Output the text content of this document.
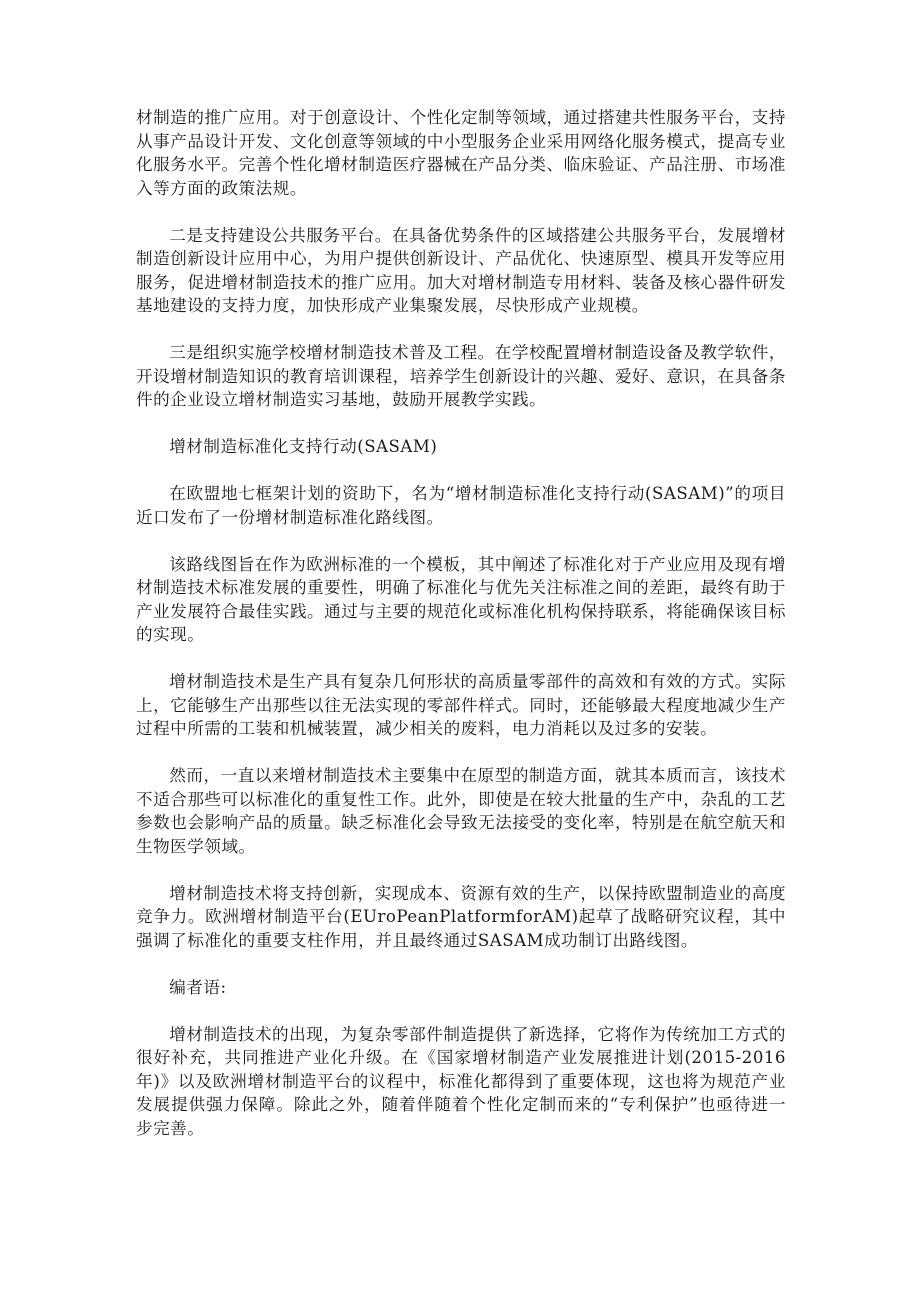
材制造的推广应用。对于创意设计、个性化定制等领域，通过搭建共性服务平台，支持从事产品设计开发、文化创意等领域的中小型服务企业采用网络化服务模式，提高专业化服务水平。完善个性化增材制造医疗器械在产品分类、临床验证、产品注册、市场准入等方面的政策法规。

二是支持建设公共服务平台。在具备优势条件的区域搭建公共服务平台，发展增材制造创新设计应用中心，为用户提供创新设计、产品优化、快速原型、模具开发等应用服务，促进增材制造技术的推广应用。加大对增材制造专用材料、装备及核心器件研发基地建设的支持力度，加快形成产业集聚发展，尽快形成产业规模。

三是组织实施学校增材制造技术普及工程。在学校配置增材制造设备及教学软件，开设增材制造知识的教育培训课程，培养学生创新设计的兴趣、爱好、意识，在具备条件的企业设立增材制造实习基地，鼓励开展教学实践。

增材制造标准化支持行动(SASAM)

在欧盟地七框架计划的资助下，名为“增材制造标准化支持行动(SASAM)”的项目近口发布了一份增材制造标准化路线图。

该路线图旨在作为欧洲标准的一个模板，其中阐述了标准化对于产业应用及现有增材制造技术标准发展的重要性，明确了标准化与优先关注标准之间的差距，最终有助于产业发展符合最佳实践。通过与主要的规范化或标准化机构保持联系，将能确保该目标的实现。

增材制造技术是生产具有复杂几何形状的高质量零部件的高效和有效的方式。实际上，它能够生产出那些以往无法实现的零部件样式。同时，还能够最大程度地减少生产过程中所需的工装和机械装置，减少相关的废料，电力消耗以及过多的安装。

然而，一直以来增材制造技术主要集中在原型的制造方面，就其本质而言，该技术不适合那些可以标准化的重复性工作。此外，即使是在较大批量的生产中，杂乱的工艺参数也会影响产品的质量。缺乏标准化会导致无法接受的变化率，特别是在航空航天和生物医学领域。

增材制造技术将支持创新，实现成本、资源有效的生产，以保持欧盟制造业的高度竞争力。欧洲增材制造平台(EUroPeanPlatformforAM)起草了战略研究议程，其中强调了标准化的重要支柱作用，并且最终通过SASAM成功制订出路线图。

编者语:

增材制造技术的出现，为复杂零部件制造提供了新选择，它将作为传统加工方式的很好补充，共同推进产业化升级。在《国家增材制造产业发展推进计划(2015-2016年)》以及欧洲增材制造平台的议程中，标准化都得到了重要体现，这也将为规范产业发展提供强力保障。除此之外，随着伴随着个性化定制而来的“专利保护”也亟待进一步完善。
